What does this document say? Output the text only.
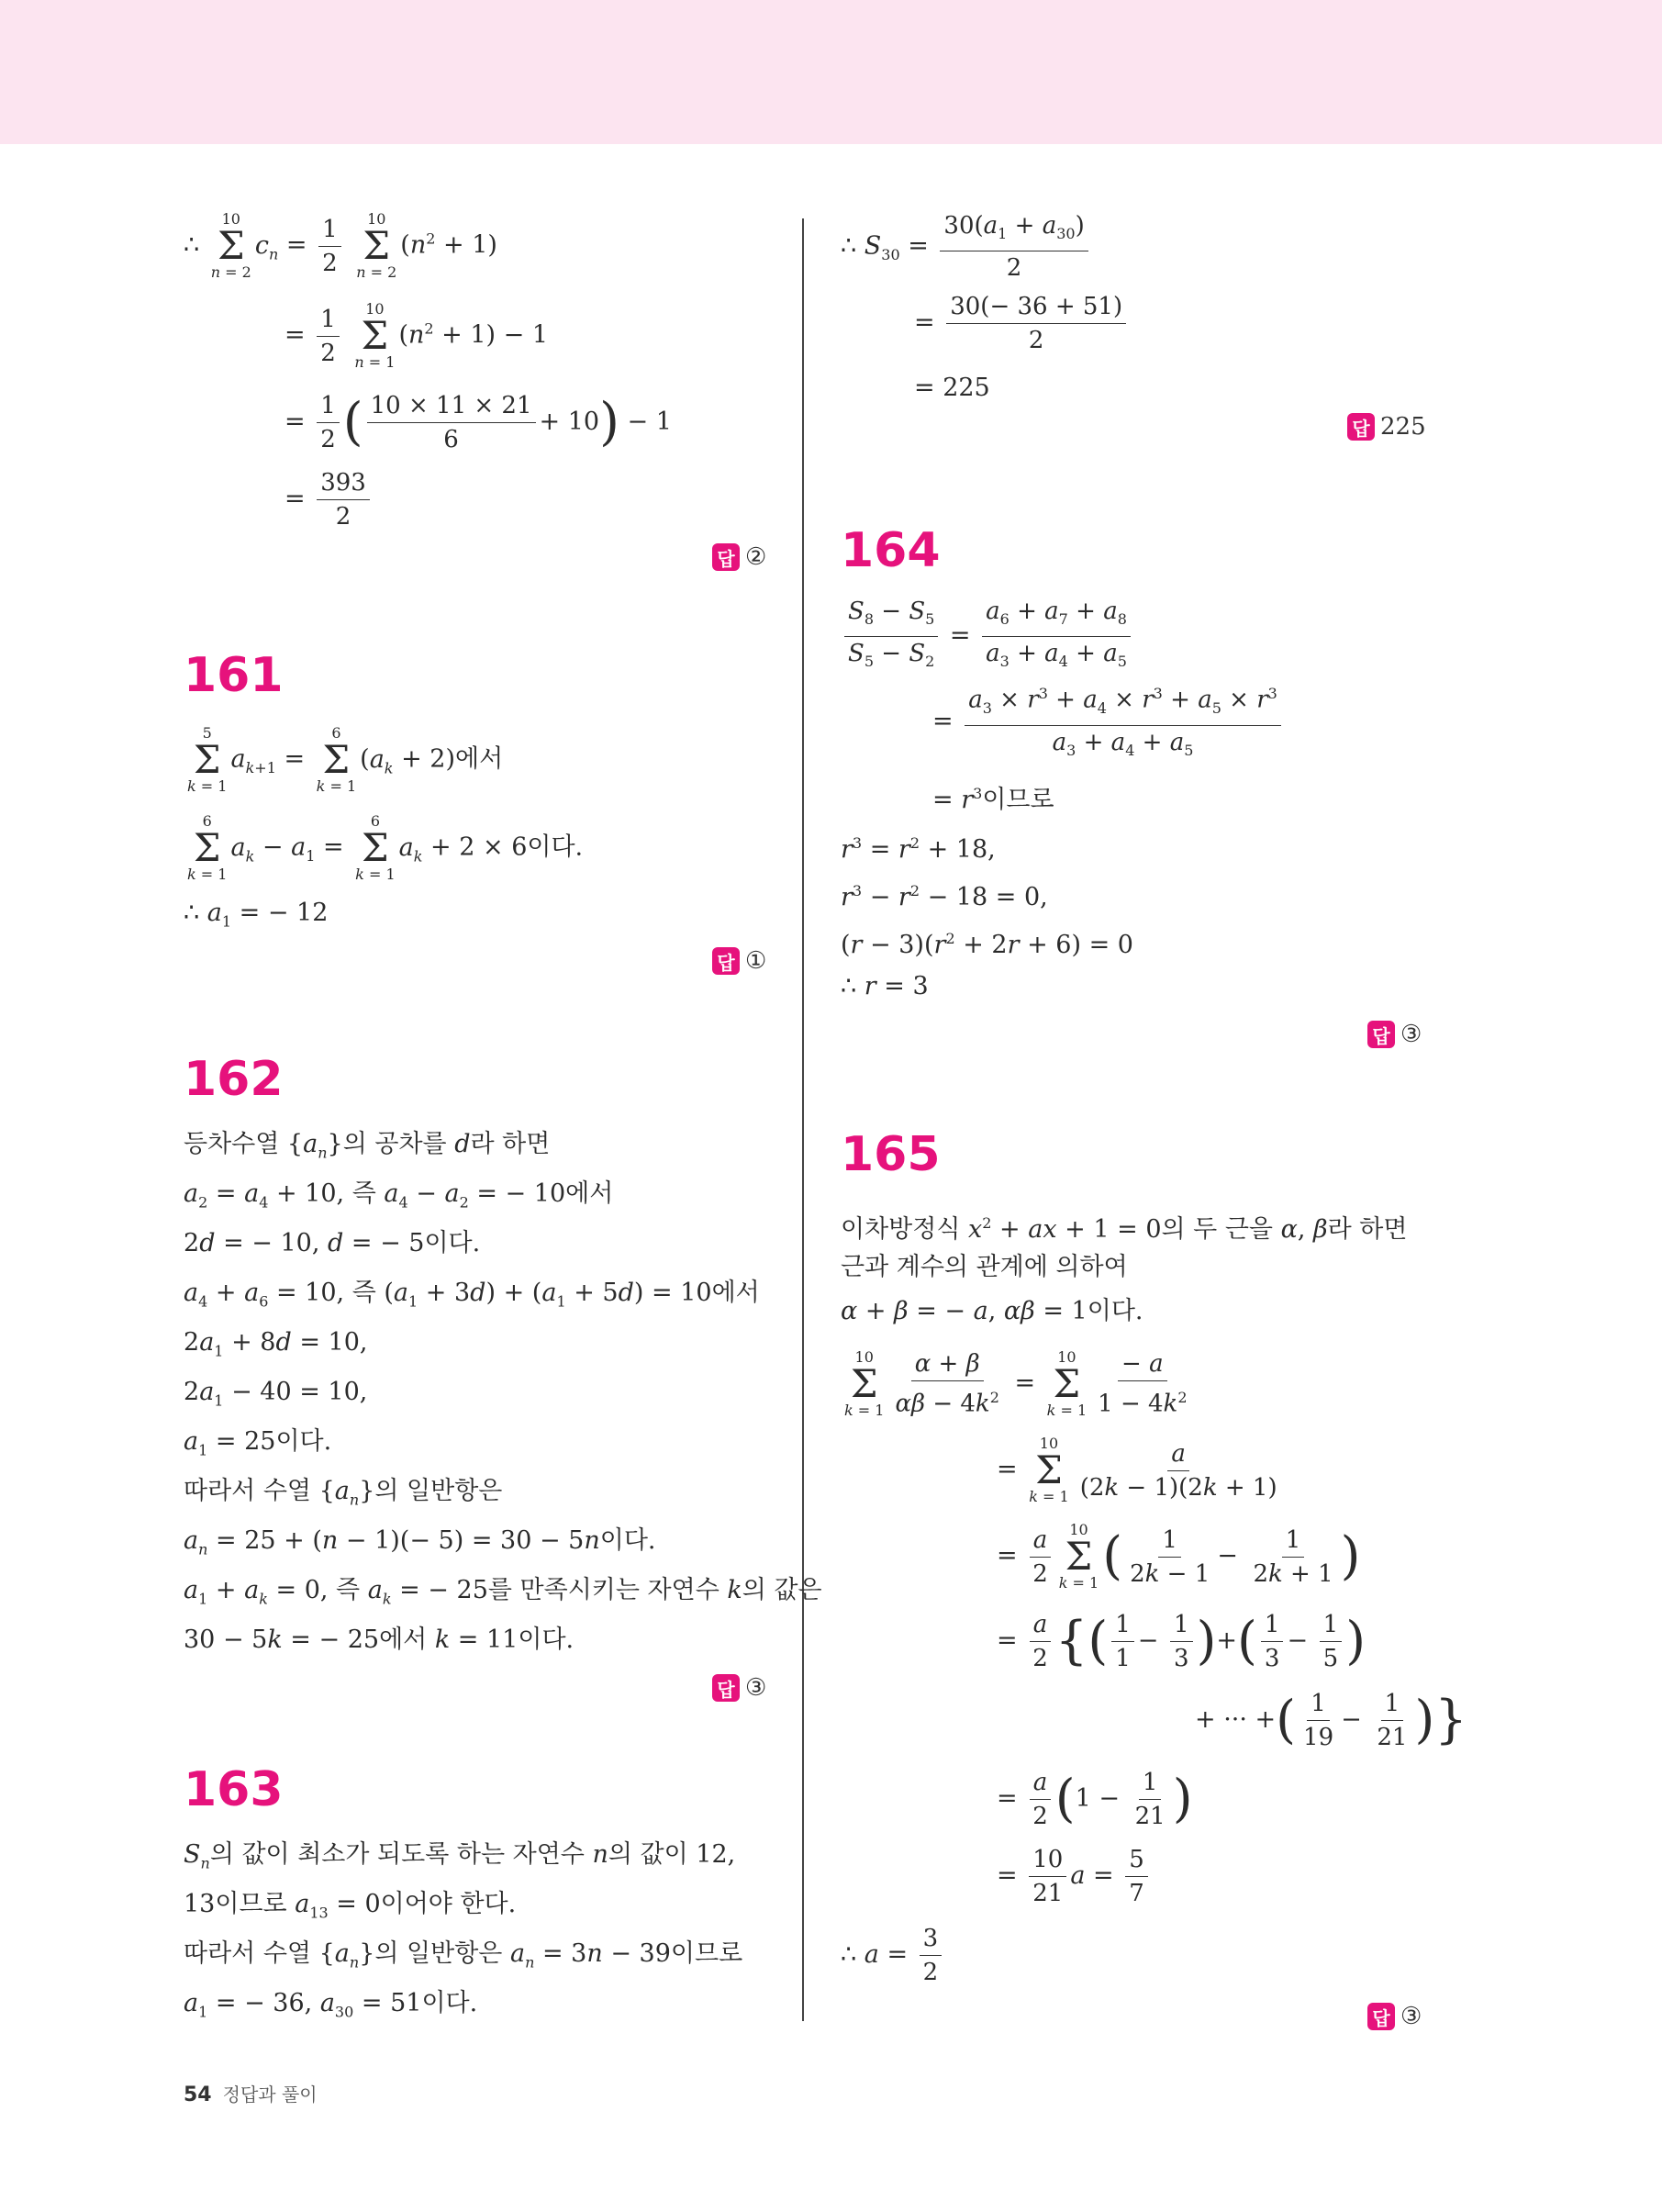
∴
10
Σ
n = 2
$c_n = \frac{1}{2}$
10
Σ
n = 2
$(n^2 + 1)$
= $\frac{1}{2}$
10
Σ
n = 1
$(n^2 + 1) - 1$
= $\frac{1}{2}$ ( $\frac{10 \times 11 \times 21}{6} + 10) - 1$
= $\frac{393}{2}$
답 ②
161
5
Σ
k = 1
$a_{k+1}$ =
6
Σ
k = 1
$(a_k + 2)$에서
6
Σ
k = 1
$a_k - a_1$ =
6
Σ
k = 1
$a_k + 2 \times 6$이다.
∴ $a_1$ = − 12
답 ①
162
등차수열 $\{a_n\}$의 공차를 d라 하면
$a_2 = a_4 + 10$, 즉 $a_4 - a_2$ = − 10에서
2d = − 10, d = − 5이다.
$a_4 + a_6 = 10$, 즉 $(a_1 + 3d) + (a_1 + 5d) = 10$에서
$2a_1 + 8d = 10$,
$2a_1 - 40 = 10$,
$a_1 = 25$이다.
따라서 수열 $\{a_n\}$의 일반항은
$a_n = 25 + (n - 1)(- 5) = 30 - 5n$이다.
$a_1 + a_k = 0$, 즉 $a_k$ = − 25를 만족시키는 자연수 k의 값은
30 − 5k = − 25에서 k = 11이다.
답 ③
163
$S_n$의 값이 최소가 되도록 하는 자연수 n의 값이 12,
13이므로 $a_{13} = 0$이어야 한다.
따라서 수열 $\{a_n\}$의 일반항은 $a_n = 3n - 39$이므로
$a_1$ = − 36, $a_{30} = 51$이다.
∴ $S_{30} = \frac{30(a_1 + a_{30})}{2}$
= $\frac{30(- 36 + 51)}{2}$
= 225
답 225
164
$\frac{S_8 - S_5}{S_5 - S_2} = \frac{a_6 + a_7 + a_8}{a_3 + a_4 + a_5}$
= $\frac{a_3 \times r^3 + a_4 \times r^3 + a_5 \times r^3}{a_3 + a_4 + a_5}$
= $r^3$이므로
$r^3 = r^2 + 18$,
$r^3 - r^2 - 18 = 0$,
$(r - 3)(r^2 + 2r + 6) = 0$
∴ r = 3
답 ③
165
이차방정식 $x^2$ + ax + 1 = 0의 두 근을 α, β라 하면
근과 계수의 관계에 의하여
α + β = − a, αβ = 1이다.
10
Σ
$k = 1 \frac{\alpha + \beta}{\alpha\beta - 4k^2}$ =
10
Σ
$k = 1 \frac{- a}{1 - 4k^2}$
=
10
Σ
$k = 1 \frac{a}{(2k - 1)(2k + 1)}$
= $\frac{a}{2} 10$
Σ
k = 1 ( $\frac{1}{2k - 1} - \frac{1}{2k + 1}$ )
= $\frac{a}{2}$ {( $\frac{1}{1} - \frac{1}{3}$ )+( $\frac{1}{3} - \frac{1}{5}$ )
+ ··· +( $\frac{1}{19} - \frac{1}{21}$ )}
= $\frac{a}{2} (1 - \frac{1}{21}$ )
= $\frac{10}{21}$ $a = \frac{5}{7}$
∴ $a = \frac{3}{2}$
답 ③
54 정답과 풀이
